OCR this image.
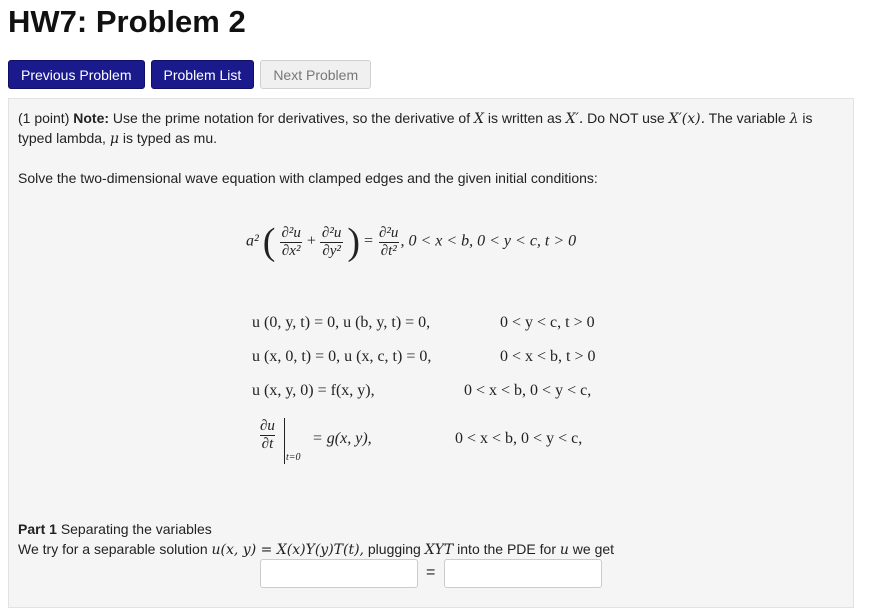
HW7: Problem 2
Previous Problem	Problem List	Next Problem
(1 point) Note: Use the prime notation for derivatives, so the derivative of X is written as X′. Do NOT use X′(x). The variable λ is
typed lambda, μ is typed as mu.
Solve the two-dimensional wave equation with clamped edges and the given initial conditions:
a² ( $\frac{\text{∂²u}}{\text{∂x²}} + \frac{\text{∂²u}}{\text{∂y²}}$ ) = $\frac{\text{∂²u}}{\text{∂t²}}$ , 0 < x < b, 0 < y < c, t > 0
u (0, y, t) = 0, u (b, y, t) = 0,	0 < y < c, t > 0
u (x, 0, t) = 0, u (x, c, t) = 0,	0 < x < b, t > 0
u (x, y, 0) = f(x, y),	0 < x < b, 0 < y < c,
$\frac{\partial u}{\partial t}$
t=0
= g(x, y),	0 < x < b, 0 < y < c,
Part 1 Separating the variables
We try for a separable solution u(x, y) = X(x)Y(y)T(t), plugging XYT into the PDE for u we get
=
